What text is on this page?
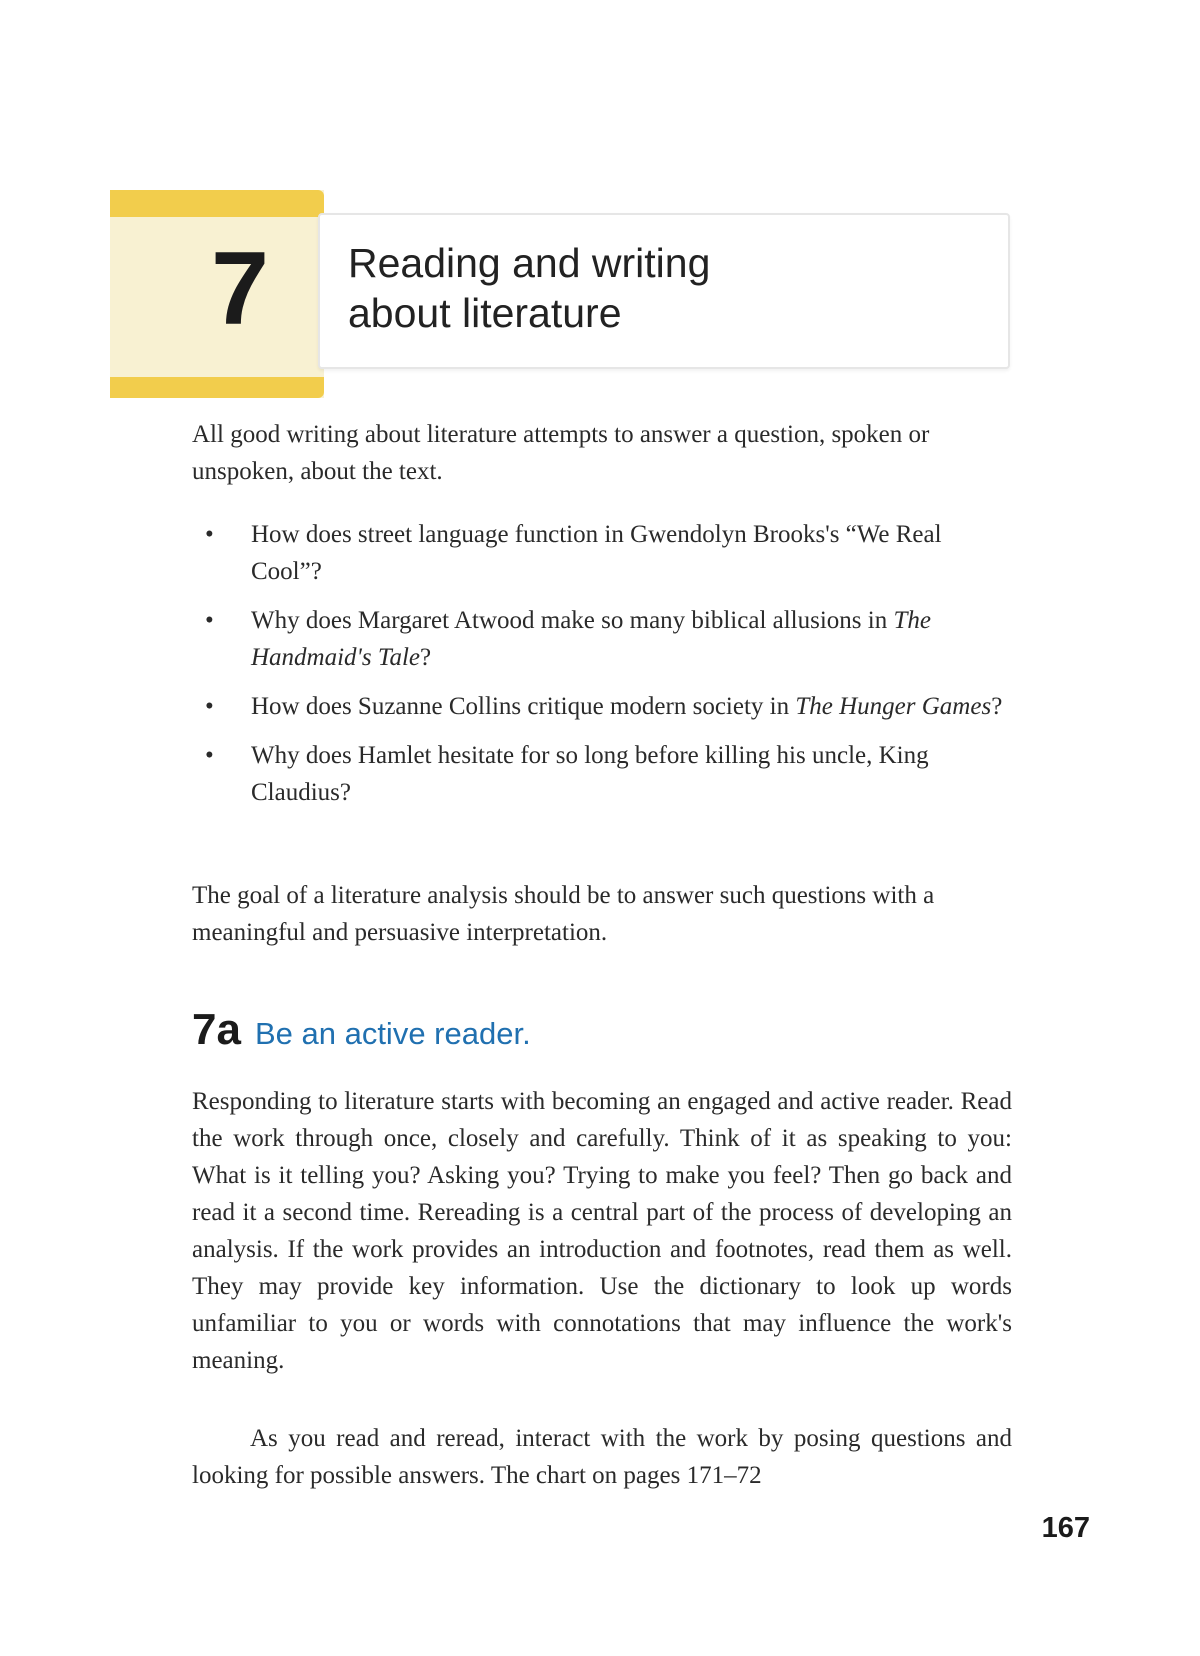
7	Reading and writing
about literature

All good writing about literature attempts to answer a question, spoken or unspoken, about the text.

•	How does street language function in Gwendolyn Brooks's “We Real Cool”?
•	Why does Margaret Atwood make so many biblical allusions in The Handmaid's Tale?
•	How does Suzanne Collins critique modern society in The Hunger Games?
•	Why does Hamlet hesitate for so long before killing his uncle, King Claudius?

The goal of a literature analysis should be to answer such questions with a meaningful and persuasive interpretation.

7a Be an active reader.

Responding to literature starts with becoming an engaged and active reader. Read the work through once, closely and carefully. Think of it as speaking to you: What is it telling you? Asking you? Trying to make you feel? Then go back and read it a second time. Rereading is a central part of the process of developing an analysis. If the work provides an introduction and footnotes, read them as well. They may provide key information. Use the dictionary to look up words unfamiliar to you or words with connotations that may influence the work's meaning.

As you read and reread, interact with the work by posing questions and looking for possible answers. The chart on pages 171–72

167
